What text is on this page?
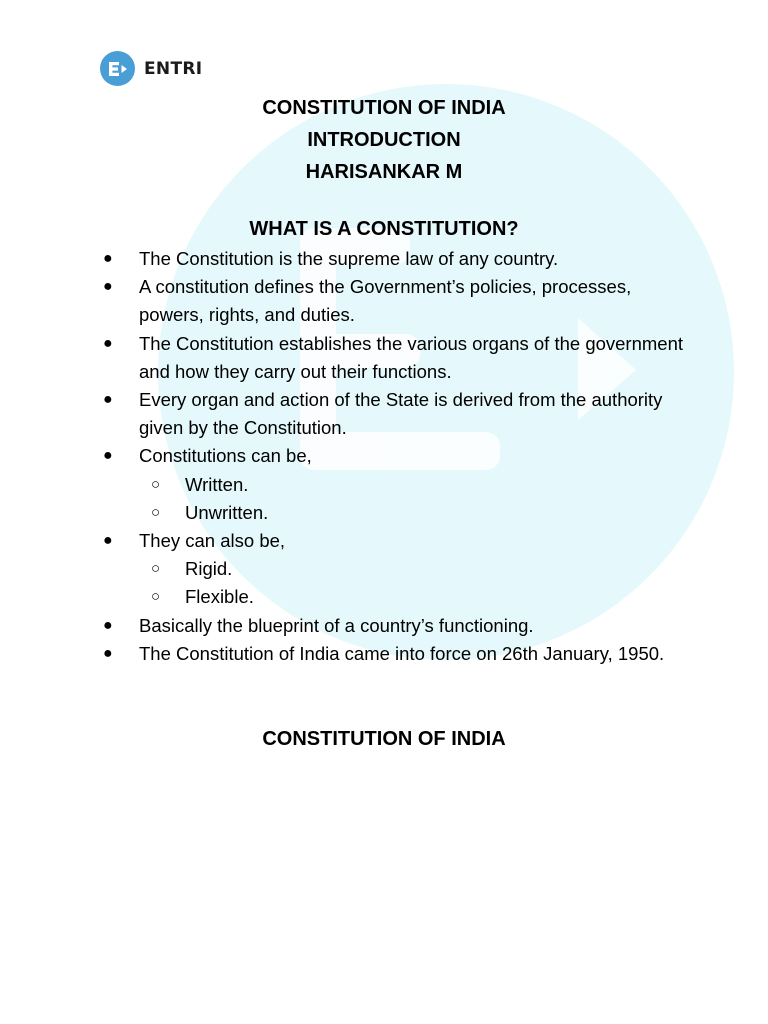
ENTRI
CONSTITUTION OF INDIA
INTRODUCTION
HARISANKAR M
WHAT IS A CONSTITUTION?
● The Constitution is the supreme law of any country.
● A constitution defines the Government’s policies, processes, powers, rights, and duties.
● The Constitution establishes the various organs of the government and how they carry out their functions.
● Every organ and action of the State is derived from the authority given by the Constitution.
● Constitutions can be,
○ Written.
○ Unwritten.
● They can also be,
○ Rigid.
○ Flexible.
● Basically the blueprint of a country’s functioning.
● The Constitution of India came into force on 26th January, 1950.
CONSTITUTION OF INDIA
